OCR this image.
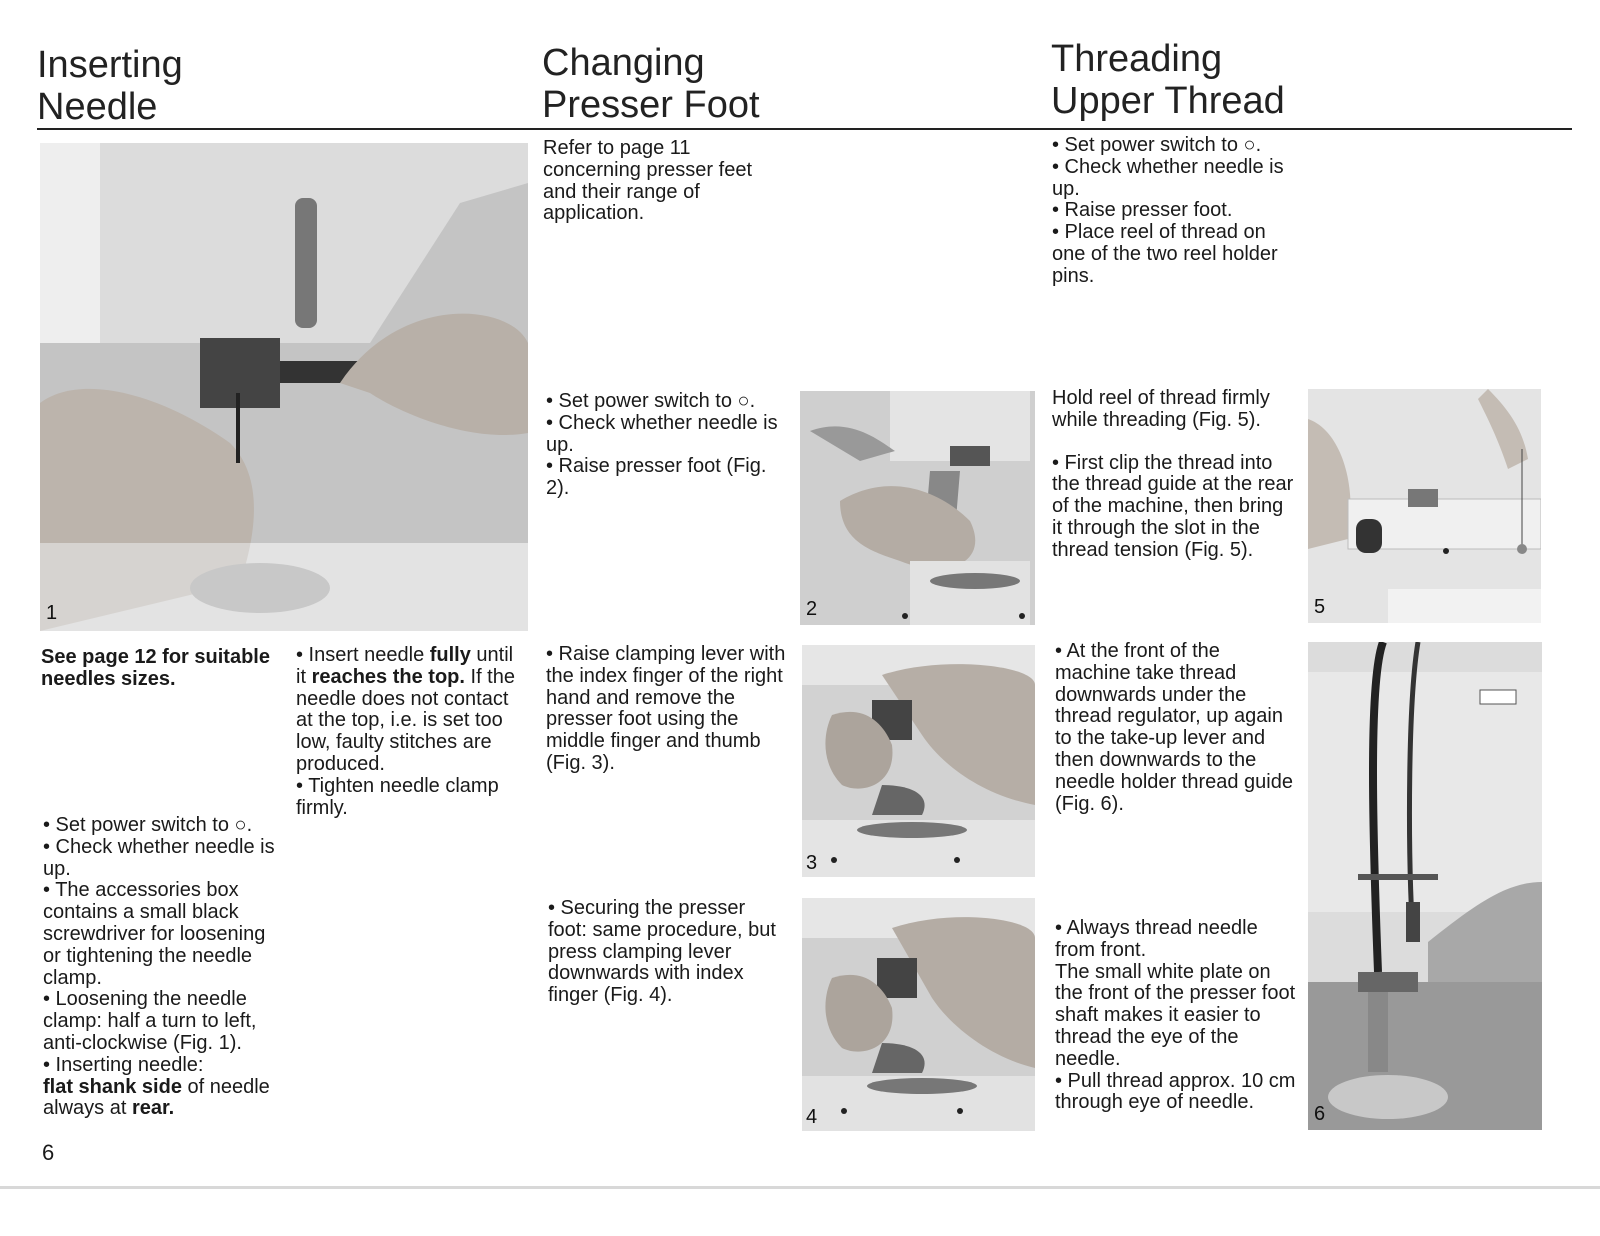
Inserting
Needle
Changing
Presser Foot
Threading
Upper Thread
1	2
3
4
5
6
See page 12 for suitable needles sizes.

• Insert needle fully until it reaches the top. If the needle does not contact at the top, i.e. is set too low, faulty stitches are produced.

• Tighten needle clamp firmly.

• Set power switch to ○.

• Check whether needle is up.

• The accessories box contains a small black screwdriver for loosening or tightening the needle clamp.

• Loosening the needle clamp: half a turn to left, anti-clockwise (Fig. 1).

• Inserting needle:

flat shank side of needle always at rear.

Refer to page 11 concerning presser feet and their range of application.

• Set power switch to ○.

• Check whether needle is up.

• Raise presser foot (Fig. 2).

• Raise clamping lever with the index finger of the right hand and remove the presser foot using the middle finger and thumb (Fig. 3).
• Securing the presser foot: same procedure, but press clamping lever downwards with index finger (Fig. 4).

• Set power switch to ○.

• Check whether needle is up.

• Raise presser foot.

• Place reel of thread on one of the two reel holder pins.

Hold reel of thread firmly while threading (Fig. 5).

• First clip the thread into the thread guide at the rear of the machine, then bring it through the slot in the thread tension (Fig. 5).

• At the front of the machine take thread downwards under the thread regulator, up again to the take-up lever and then downwards to the needle holder thread guide (Fig. 6).

• Always thread needle from front.

The small white plate on the front of the presser foot shaft makes it easier to thread the eye of the needle.

• Pull thread approx. 10 cm through eye of needle.

6
